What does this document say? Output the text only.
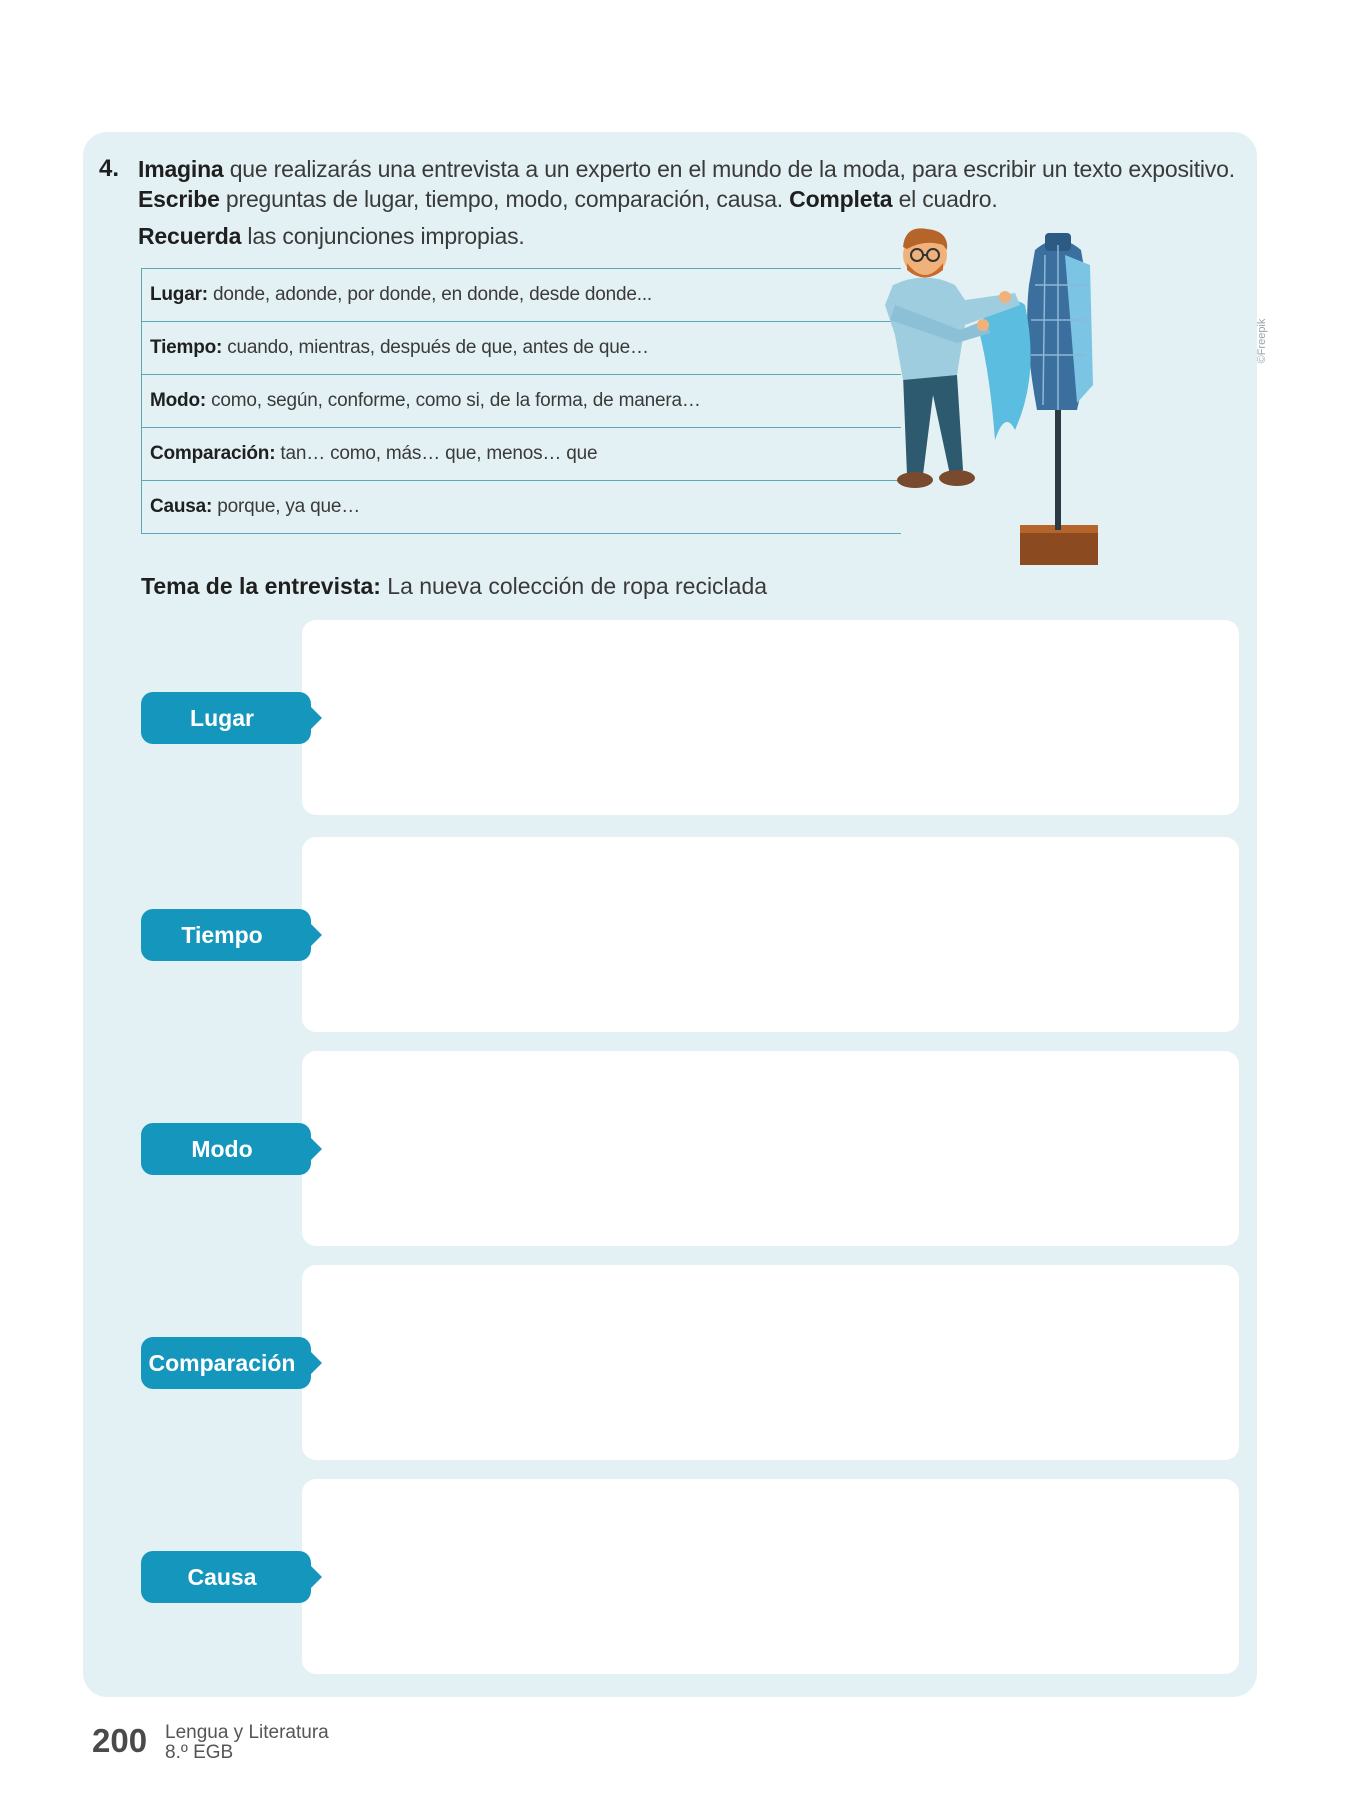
4. Imagina que realizarás una entrevista a un experto en el mundo de la moda, para escribir un texto expositivo.
Escribe preguntas de lugar, tiempo, modo, comparación, causa. Completa el cuadro.
Recuerda las conjunciones impropias.
Lugar: donde, adonde, por donde, en donde, desde donde...
Tiempo: cuando, mientras, después de que, antes de que…
Modo: como, según, conforme, como si, de la forma, de manera…
Comparación: tan… como, más… que, menos… que
Causa: porque, ya que…
©Freepik
Tema de la entrevista: La nueva colección de ropa reciclada
Lugar
Tiempo
Modo
Comparación
Causa
200 Lengua y Literatura
8.º EGB
